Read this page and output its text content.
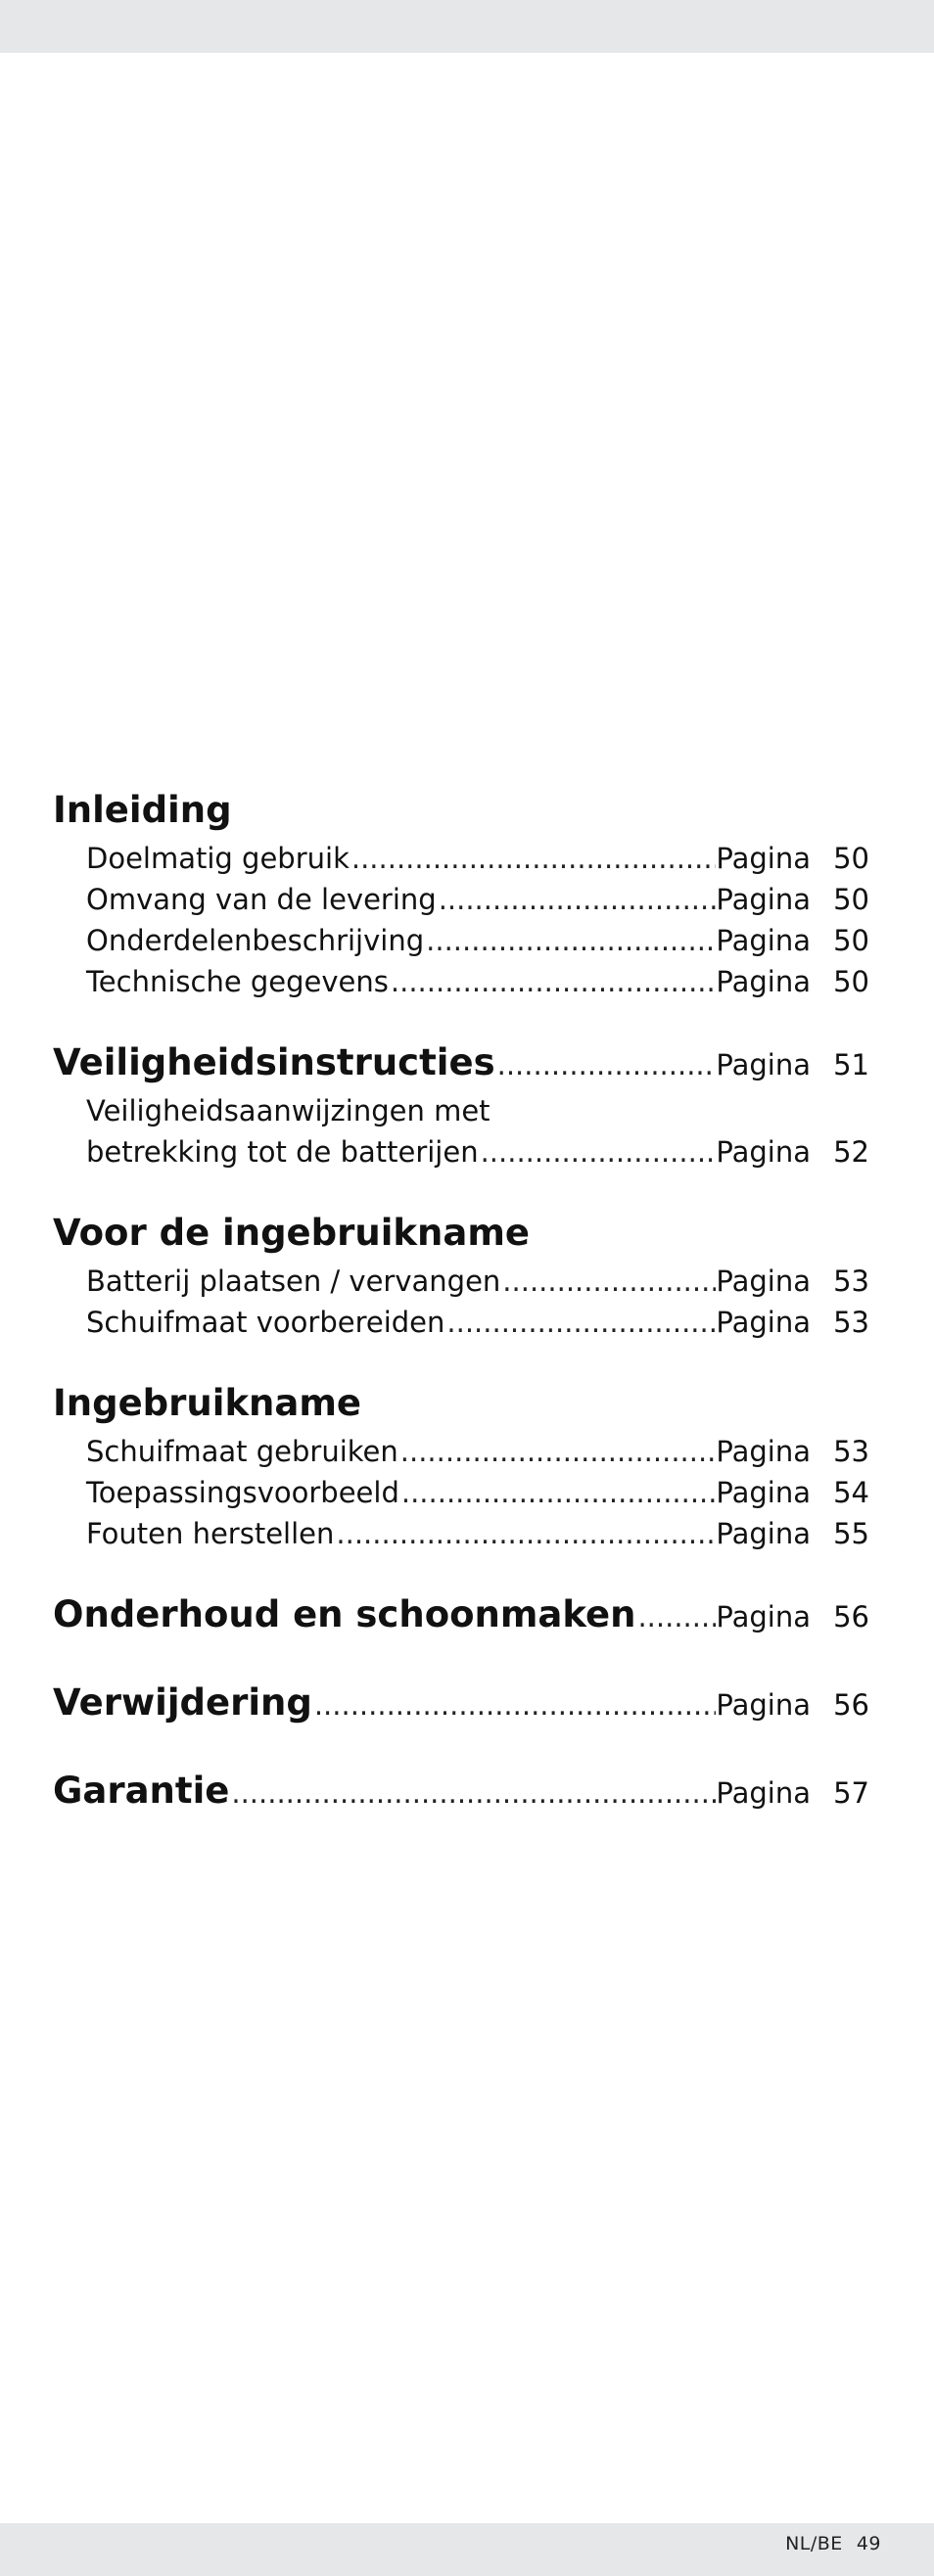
Inleiding
Doelmatig gebruik .....	Pagina 50
Omvang van de levering .....	Pagina 50
Onderdelenbeschrijving .....	Pagina 50
Technische gegevens .....	Pagina 50
Veiligheidsinstructies .....	Pagina 51
Veiligheidsaanwijzingen met
betrekking tot de batterijen .....	Pagina 52
Voor de ingebruikname
Batterij plaatsen / vervangen .....	Pagina 53
Schuifmaat voorbereiden .....	Pagina 53
Ingebruikname
Schuifmaat gebruiken .....	Pagina 53
Toepassingsvoorbeeld .....	Pagina 54
Fouten herstellen .....	Pagina 55
Onderhoud en schoonmaken .....	Pagina 56
Verwijdering .....	Pagina 56
Garantie .....	Pagina 57
NL/BE 49
